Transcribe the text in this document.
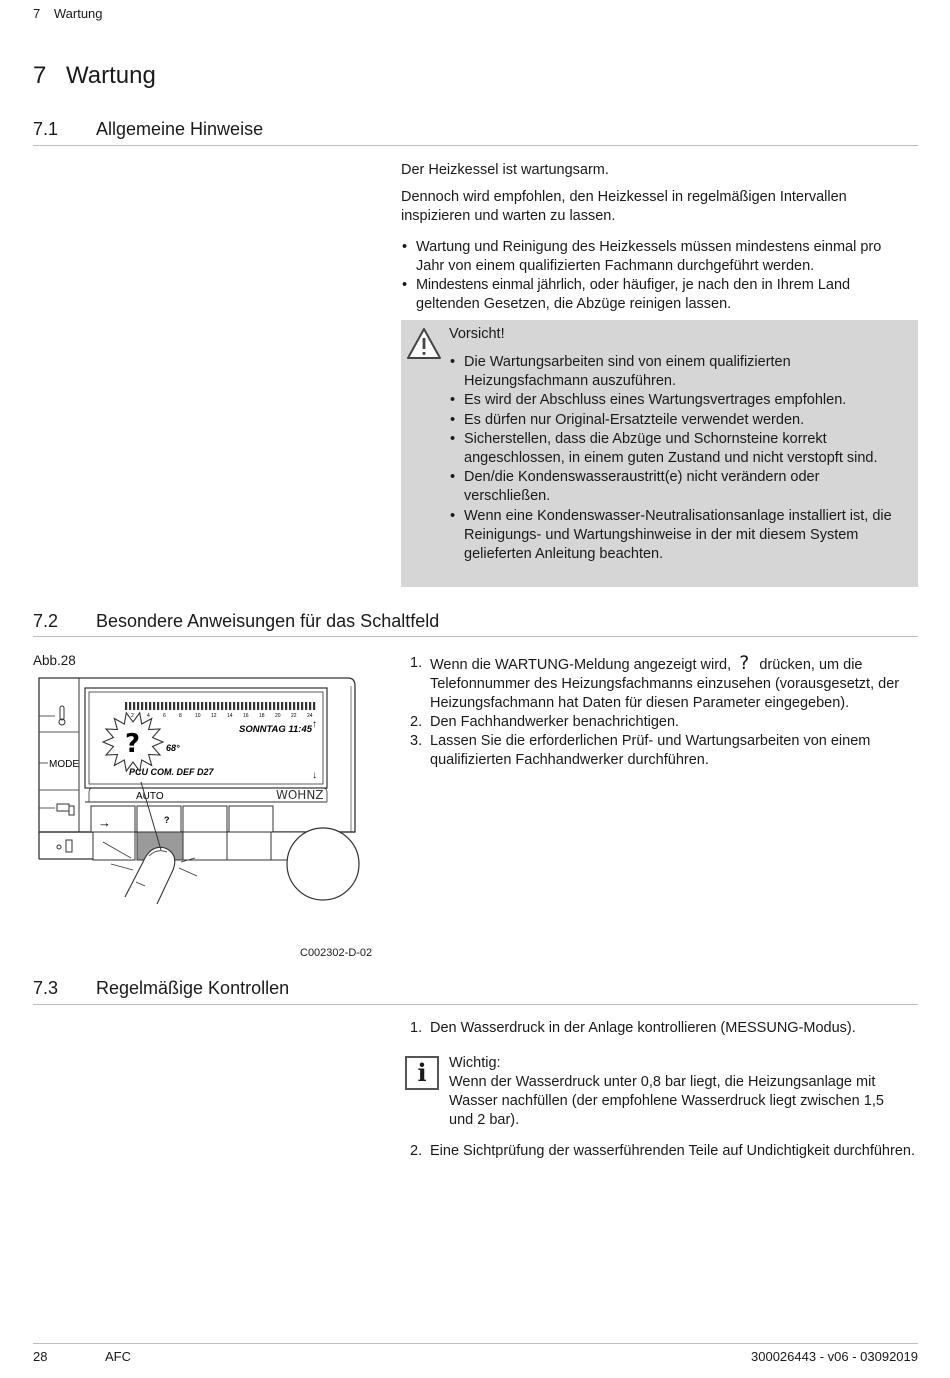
7 Wartung
7 Wartung
7.1 Allgemeine Hinweise

Der Heizkessel ist wartungsarm.

Dennoch wird empfohlen, den Heizkessel in regelmäßigen Intervallen inspizieren und warten zu lassen.

• Wartung und Reinigung des Heizkessels müssen mindestens einmal pro Jahr von einem qualifizierten Fachmann durchgeführt werden.
• Mindestens einmal jährlich, oder häufiger, je nach den in Ihrem Land geltenden Gesetzen, die Abzüge reinigen lassen.
Vorsicht!
• Die Wartungsarbeiten sind von einem qualifizierten Heizungsfachmann auszuführen.
• Es wird der Abschluss eines Wartungsvertrages empfohlen.
• Es dürfen nur Original-Ersatzteile verwendet werden.
• Sicherstellen, dass die Abzüge und Schornsteine korrekt angeschlossen, in einem guten Zustand und nicht verstopft sind.
• Den/die Kondenswasseraustritt(e) nicht verändern oder verschließen.
• Wenn eine Kondenswasser-Neutralisationsanlage installiert ist, die Reinigungs- und Wartungshinweise in der mit diesem System gelieferten Anleitung beachten.
7.2 Besondere Anweisungen für das Schaltfeld
Abb.28
MODE
2	4	6	8	10 12 14 16 18 20 22 24
SONNTAG 11:45
68°
PCU COM. DEF D27
↑
↓
?
AUTO	WOHNZ
→	?
C002302-D-02
1. Wenn die WARTUNG-Meldung angezeigt wird, ? drücken, um die Telefonnummer des Heizungsfachmanns einzusehen (vorausgesetzt, der Heizungsfachmann hat Daten für diesen Parameter eingegeben).
2. Den Fachhandwerker benachrichtigen.
3. Lassen Sie die erforderlichen Prüf- und Wartungsarbeiten von einem qualifizierten Fachhandwerker durchführen.
7.3 Regelmäßige Kontrollen
1. Den Wasserdruck in der Anlage kontrollieren (MESSUNG-Modus).
i	Wichtig:
Wenn der Wasserdruck unter 0,8 bar liegt, die Heizungsanlage mit Wasser nachfüllen (der empfohlene Wasserdruck liegt zwischen 1,5 und 2 bar).
2. Eine Sichtprüfung der wasserführenden Teile auf Undichtigkeit durchführen.
28	AFC	300026443 - v06 - 03092019
